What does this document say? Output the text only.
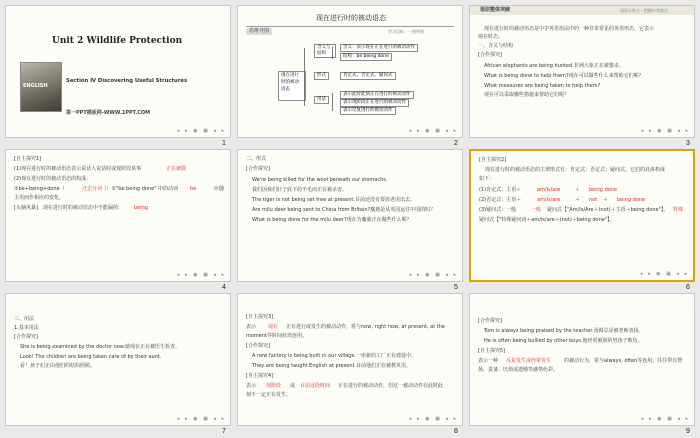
Unit 2 Wildlife Protection
ENGLISH
Section Ⅳ Discovering Useful Structures
第一PPT模板网-WWW.1PPT.COM
◂ ▸ ◉ ▣ ◂ ▸
1
现在进行时的被动语态
思维导图	学习目标 · 一图导图
现在进行时的被动语态
含义与结构
形式
用法
含义：表示现在正在进行的被动动作
结构：be being done
肯定式、否定式、疑问式
表示此时此刻正在进行的被动动作
表示现阶段正在进行的被动动作
表示反复进行的被动动作
◂ ▸ ◉ ▣ ◂ ▸
2
语法整体突破	请读小贴士 · 把握中考热点
现在进行时的被动语态是中学英语语法中的一种非常常见的英语形态，它表示
现在时态。
一、含义与结构
[合作探究]
African elephants are being hunted.非洲大象正在被猎杀。
What is being done to help them?现在可以做些什么来帮助它们呢？
What measures are being taken to help them?
现在可以采取哪些措施来帮助它们呢？
◂ ▸ ◉ ▣ ◂ ▸
3
[自主探究1]
(1)现在进行时的被动语态表示说话人说话时或现阶段某事	正在被做
(2)现在进行时的被动语态的构成：
①be+being+done（	过去分词 ）；②"be being done" 中的动词 be	应随
主语而作相应的变化。
[头脑风暴]　现在进行时的被动语态中不能漏掉： being
◂ ▸ ◉ ▣ ◂ ▸
4
二、形式
[合作探究]
We're being killed for the wool beneath our stomachs.
我们因我们肚子底下的羊毛而正在被杀害。
The tiger is not being set free at present.目前还没有要放老虎出去。
Are milu deer being sent to China from Britain?麋鹿是从英国运往中国的吗？
What is being done for the milu deer?现在为麋鹿正在做些什么呢？
◂ ▸ ◉ ▣ ◂ ▸
5
[自主探究2]
现在进行时的被动语态的主谓形式有：肯定式；否定式；疑问式。它们的具体构成
如下：
(1)肯定式：主语＋	am/is/are	＋ being done
(2)否定式：主语＋	am/is/are	＋ not ＋ being done
(3)疑问式：一般	一般 疑问式【"Am/Is/Are＋(not)＋主语＋being done"】， 特殊
疑问式【"特殊疑问词＋am/is/are＋(not)＋being done"】。
◂ ▸ ◉ ▣ ◂ ▸
6
三、用法
1.基本用法
[合作探究]
She is being examined by the doctor now.她现在正在被医生检查。
Look! The children are being taken care of by their aunt.
看！孩子们正由他们的姑妈照顾。
◂ ▸ ◉ ▣ ◂ ▸
7
[自主探究3]
表示 现在 正在进行或发生的被动动作，常与now, right now, at present, at the
moment等时间状语连用。
[合作探究]
A new factory is being built in our village.一座新的工厂正在建设中。
They are being taught English at present.目前他们正在被教英语。
[自主探究4]
表示 现阶段 或 目前这段时间 正在进行的被动动作，但这一被动动作在此时此
刻不一定正在发生。
◂ ▸ ◉ ▣ ◂ ▸
8
[合作探究]
Tom is always being praised by the teacher.汤姆总是被老师表扬。
He is often being bullied by other boys.他经常被别的男孩子欺负。
[自主探究5]
表示一种 反复发生或经常发生	的被动行为，常与always, often等连用，往往带有赞
扬、责备、厌烦或遗憾等感情色彩。
◂ ▸ ◉ ▣ ◂ ▸
9
